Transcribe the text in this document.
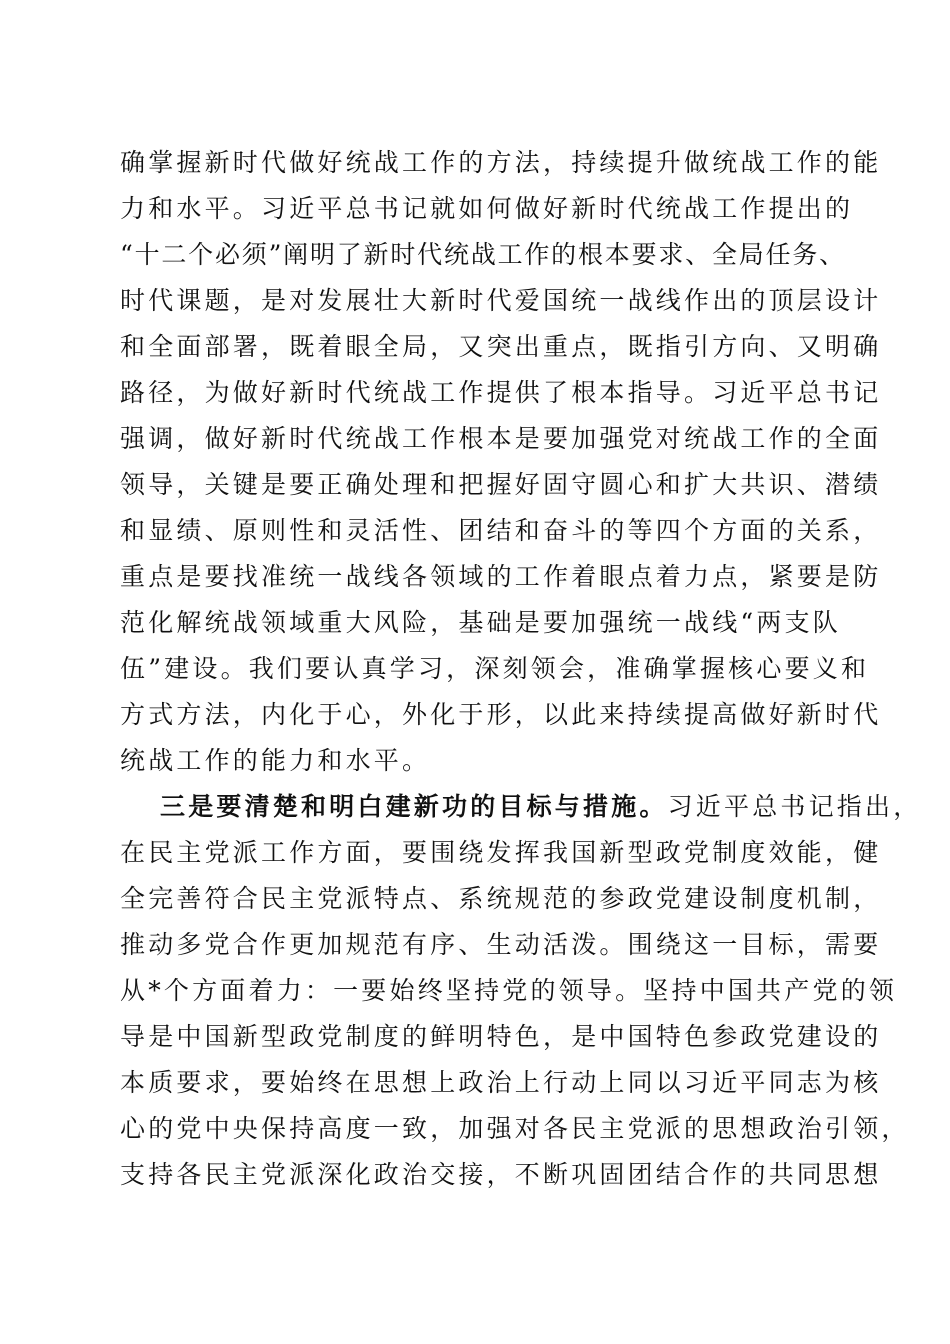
确掌握新时代做好统战工作的方法，持续提升做统战工作的能
力和水平。习近平总书记就如何做好新时代统战工作提出的
“十二个必须”阐明了新时代统战工作的根本要求、全局任务、
时代课题，是对发展壮大新时代爱国统一战线作出的顶层设计
和全面部署，既着眼全局，又突出重点，既指引方向、又明确
路径，为做好新时代统战工作提供了根本指导。习近平总书记
强调，做好新时代统战工作根本是要加强党对统战工作的全面
领导，关键是要正确处理和把握好固守圆心和扩大共识、潜绩
和显绩、原则性和灵活性、团结和奋斗的等四个方面的关系，
重点是要找准统一战线各领域的工作着眼点着力点，紧要是防
范化解统战领域重大风险，基础是要加强统一战线“两支队
伍”建设。我们要认真学习，深刻领会，准确掌握核心要义和
方式方法，内化于心，外化于形，以此来持续提高做好新时代
统战工作的能力和水平。
三是要清楚和明白建新功的目标与措施。习近平总书记指出，
在民主党派工作方面，要围绕发挥我国新型政党制度效能，健
全完善符合民主党派特点、系统规范的参政党建设制度机制，
推动多党合作更加规范有序、生动活泼。围绕这一目标，需要
从*个方面着力：一要始终坚持党的领导。坚持中国共产党的领
导是中国新型政党制度的鲜明特色，是中国特色参政党建设的
本质要求，要始终在思想上政治上行动上同以习近平同志为核
心的党中央保持高度一致，加强对各民主党派的思想政治引领，
支持各民主党派深化政治交接，不断巩固团结合作的共同思想
